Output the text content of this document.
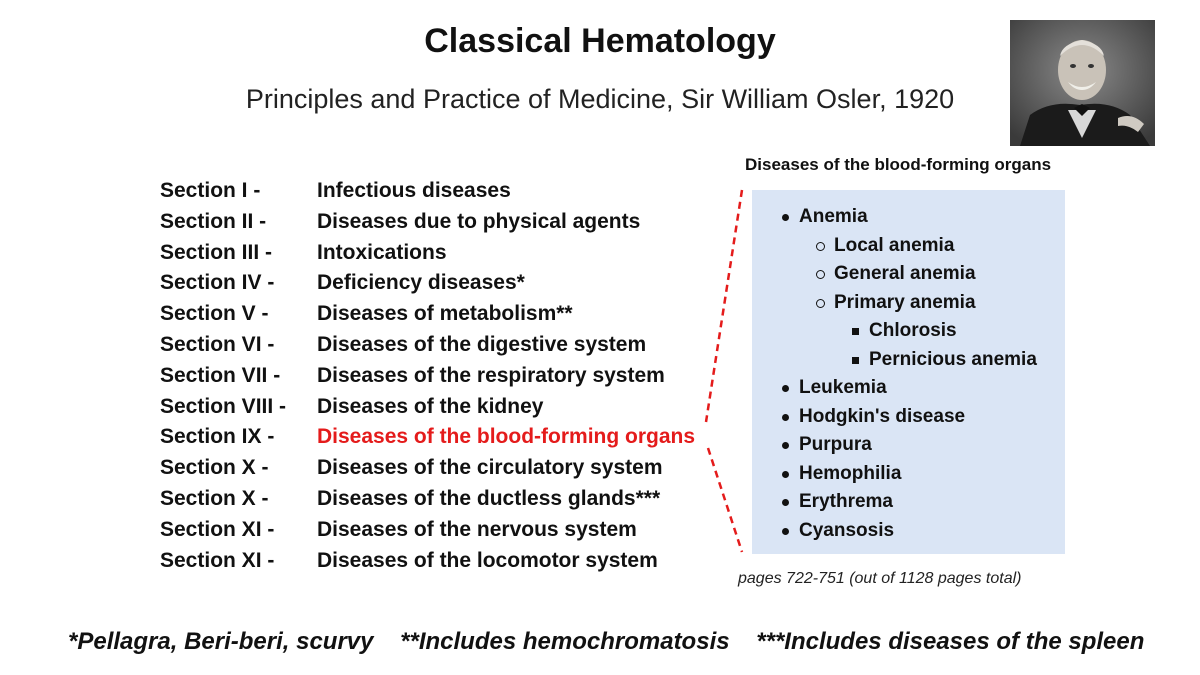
Classical Hematology
Principles and Practice of Medicine, Sir William Osler, 1920
Section I -	Infectious diseases
Section II - Diseases due to physical agents
Section III - Intoxications
Section IV - Deficiency diseases*
Section V - Diseases of metabolism**
Section VI - Diseases of the digestive system
Section VII - Diseases of the respiratory system
Section VIII - Diseases of the kidney
Section IX - Diseases of the blood-forming organs
Section X - Diseases of the circulatory system
Section X - Diseases of the ductless glands***
Section XI - Diseases of the nervous system
Section XI - Diseases of the locomotor system
Diseases of the blood-forming organs
Anemia
Local anemia
General anemia
Primary anemia
Chlorosis
Pernicious anemia
Leukemia
Hodgkin's disease
Purpura
Hemophilia
Erythrema
Cyansosis
pages 722-751 (out of 1128 pages total)
*Pellagra, Beri-beri, scurvy **Includes hemochromatosis ***Includes diseases of the spleen
